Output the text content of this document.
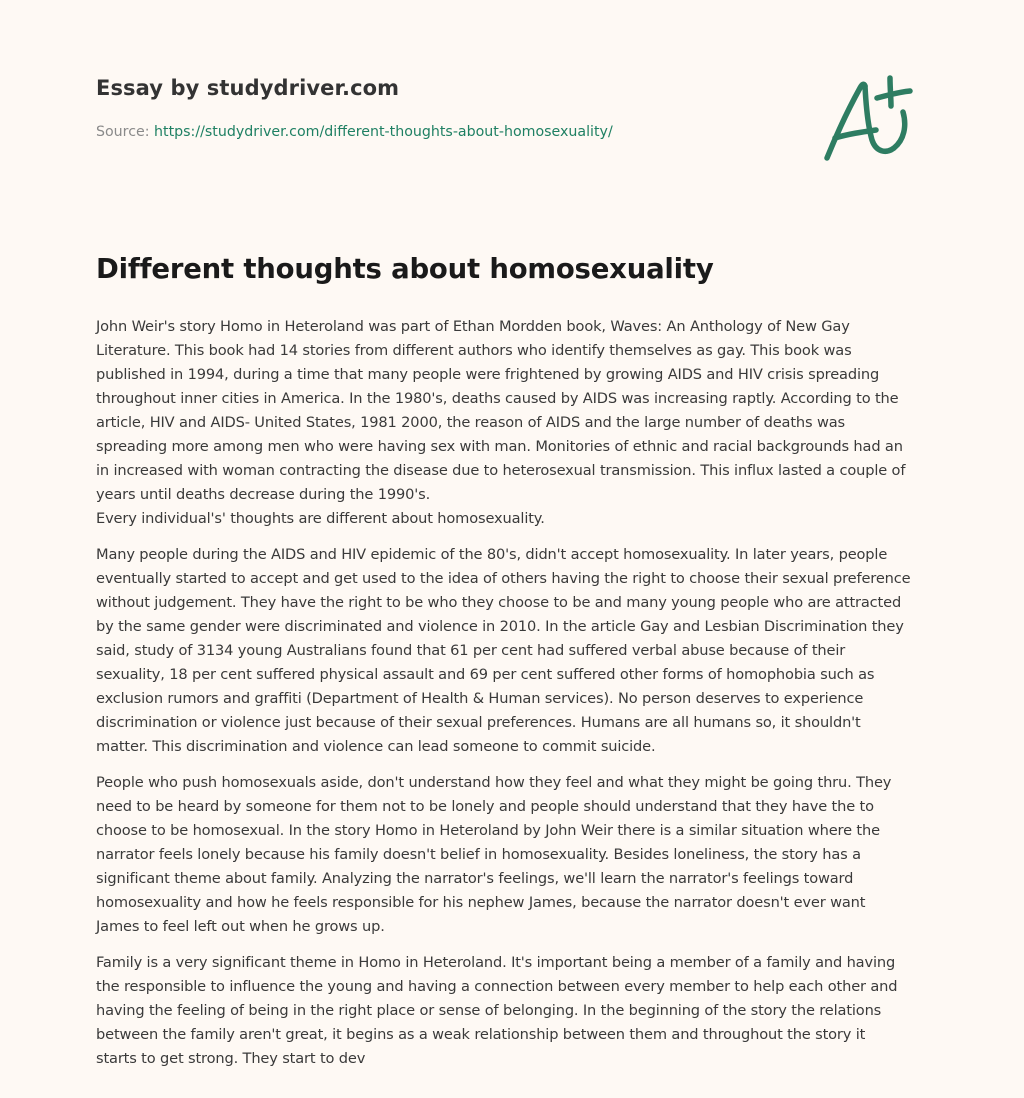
Essay by studydriver.com
Source: https://studydriver.com/different-thoughts-about-homosexuality/
Different thoughts about homosexuality

John Weir's story Homo in Heteroland was part of Ethan Mordden book, Waves: An Anthology of New Gay
Literature. This book had 14 stories from different authors who identify themselves as gay. This book was
published in 1994, during a time that many people were frightened by growing AIDS and HIV crisis spreading
throughout inner cities in America. In the 1980's, deaths caused by AIDS was increasing raptly. According to the
article, HIV and AIDS- United States, 1981 2000, the reason of AIDS and the large number of deaths was
spreading more among men who were having sex with man. Monitories of ethnic and racial backgrounds had an
in increased with woman contracting the disease due to heterosexual transmission. This influx lasted a couple of
years until deaths decrease during the 1990's.
Every individual's' thoughts are different about homosexuality.

Many people during the AIDS and HIV epidemic of the 80's, didn't accept homosexuality. In later years, people
eventually started to accept and get used to the idea of others having the right to choose their sexual preference
without judgement. They have the right to be who they choose to be and many young people who are attracted
by the same gender were discriminated and violence in 2010. In the article Gay and Lesbian Discrimination they
said, study of 3134 young Australians found that 61 per cent had suffered verbal abuse because of their
sexuality, 18 per cent suffered physical assault and 69 per cent suffered other forms of homophobia such as
exclusion rumors and graffiti (Department of Health & Human services). No person deserves to experience
discrimination or violence just because of their sexual preferences. Humans are all humans so, it shouldn't
matter. This discrimination and violence can lead someone to commit suicide.

People who push homosexuals aside, don't understand how they feel and what they might be going thru. They
need to be heard by someone for them not to be lonely and people should understand that they have the to
choose to be homosexual. In the story Homo in Heteroland by John Weir there is a similar situation where the
narrator feels lonely because his family doesn't belief in homosexuality. Besides loneliness, the story has a
significant theme about family. Analyzing the narrator's feelings, we'll learn the narrator's feelings toward
homosexuality and how he feels responsible for his nephew James, because the narrator doesn't ever want
James to feel left out when he grows up.

Family is a very significant theme in Homo in Heteroland. It's important being a member of a family and having
the responsible to influence the young and having a connection between every member to help each other and
having the feeling of being in the right place or sense of belonging. In the beginning of the story the relations
between the family aren't great, it begins as a weak relationship between them and throughout the story it
starts to get strong. They start to dev
